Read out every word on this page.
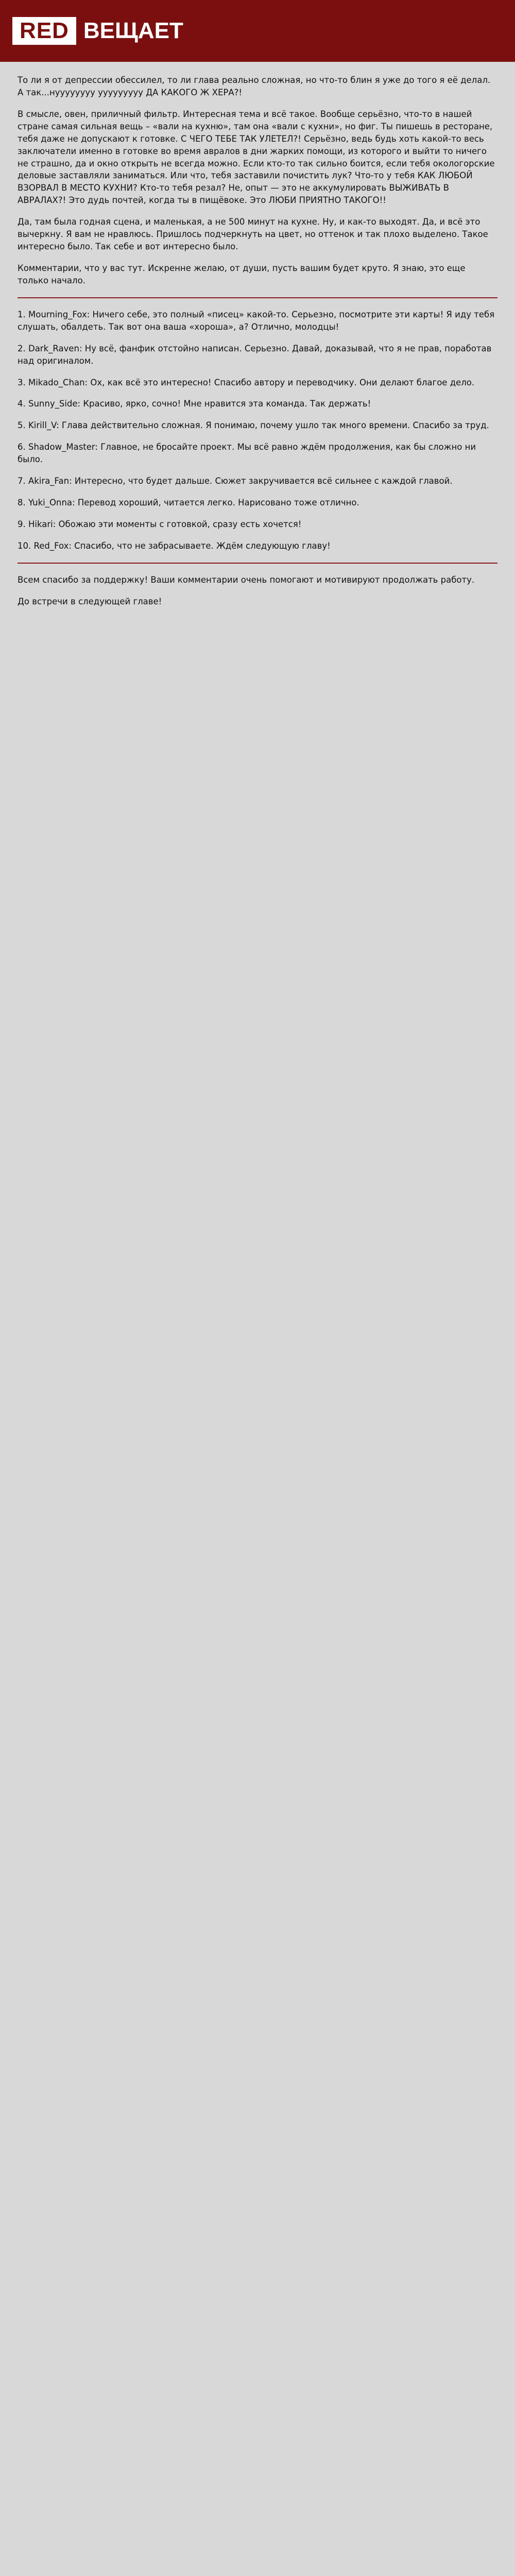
RED ВЕЩАЕТ

То ли я от депрессии обессилел, то ли глава реально сложная, но что-то блин я уже до того я её делал. А так...нуууууууу ууууууууу ДА КАКОГО Ж ХЕРА?!

В смысле, овен, приличный фильтр. Интересная тема и всё такое. Вообще серьёзно, что-то в нашей стране самая сильная вещь – «вали на кухню», там она «вали с кухни», но фиг. Ты пишешь в ресторане, тебя даже не допускают к готовке. С ЧЕГО ТЕБЕ ТАК УЛЕТЕЛ?! Серьёзно, ведь будь хоть какой-то весь заключатели именно в готовке во время авралов в дни жарких помощи, из которого и выйти то ничего не страшно, да и окно открыть не всегда можно. Если кто-то так сильно боится, если тебя окологорские деловые заставляли заниматься. Или что, тебя заставили почистить лук? Что-то у тебя КАК ЛЮБОЙ ВЗОРВАЛ В МЕСТО КУХНИ? Кто-то тебя резал? Не, опыт — это не аккумулировать ВЫЖИВАТЬ В АВРАЛАХ?! Это дудь почтей, когда ты в пищёвоке. Это ЛЮБИ ПРИЯТНО ТАКОГО!!

Да, там была годная сцена, и маленькая, а не 500 минут на кухне. Ну, и как-то выходят. Да, и всё это вычеркну. Я вам не нравлюсь. Пришлось подчеркнуть на цвет, но оттенок и так плохо выделено. Такое интересно было. Так себе и вот интересно было.

Комментарии, что у вас тут. Искренне желаю, от души, пусть вашим будет круто. Я знаю, это еще только начало.

1. Mourning_Fox: Ничего себе, это полный «писец» какой-то. Серьезно, посмотрите эти карты! Я иду тебя слушать, обалдеть. Так вот она ваша «хороша», а? Отлично, молодцы!

2. Dark_Raven: Ну всё, фанфик отстойно написан. Серьезно. Давай, доказывай, что я не прав, поработав над оригиналом.

3. Mikado_Chan: Ох, как всё это интересно! Спасибо автору и переводчику. Они делают благое дело.

4. Sunny_Side: Красиво, ярко, сочно! Мне нравится эта команда. Так держать!

5. Kirill_V: Глава действительно сложная. Я понимаю, почему ушло так много времени. Спасибо за труд.

6. Shadow_Master: Главное, не бросайте проект. Мы всё равно ждём продолжения, как бы сложно ни было.

7. Akira_Fan: Интересно, что будет дальше. Сюжет закручивается всё сильнее с каждой главой.

8. Yuki_Onna: Перевод хороший, читается легко. Нарисовано тоже отлично.

9. Hikari: Обожаю эти моменты с готовкой, сразу есть хочется!

10. Red_Fox: Спасибо, что не забрасываете. Ждём следующую главу!

Всем спасибо за поддержку! Ваши комментарии очень помогают и мотивируют продолжать работу.

До встречи в следующей главе!
